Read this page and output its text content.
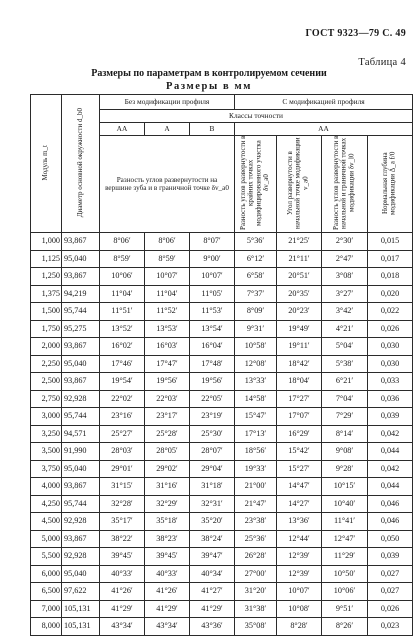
ГОСТ 9323—79 С. 49
Таблица 4
Размеры по параметрам в контролируемом сечении
Размеры в мм
Модуль m_t	Диаметр основной окружности d_b0	Без модификации профиля			С модификацией профиля			
		Классы точности						
		АА	А	В	АА			

		Разность углов развернутости на вершине зуба и в граничной точке δv_a0			Разность углов развернутости в крайних точках модифицированного участка δv_a0	Угол развернутости в начальной точке модификации v_a0	Разность углов развернутости в начальной и граничной точках модификации δv_l0	Нормальная глубина модификации Δ_a f/0
1,000	93,867	8°06′	8°06′	8°07′	5°36′	21°25′	2°30′	0,015
1,125	95,040	8°59′	8°59′	9°00′	6°12′	21°11′	2°47′	0,017
1,250	93,867	10°06′	10°07′	10°07′	6°58′	20°51′	3°08′	0,018
1,375	94,219	11°04′	11°04′	11°05′	7°37′	20°35′	3°27′	0,020
1,500	95,744	11°51′	11°52′	11°53′	8°09′	20°23′	3°42′	0,022
1,750	95,275	13°52′	13°53′	13°54′	9°31′	19°49′	4°21′	0,026
2,000	93,867	16°02′	16°03′	16°04′	10°58′	19°11′	5°04′	0,030
2,250	95,040	17°46′	17°47′	17°48′	12°08′	18°42′	5°38′	0,030
2,500	93,867	19°54′	19°56′	19°56′	13°33′	18°04′	6°21′	0,033
2,750	92,928	22°02′	22°03′	22°05′	14°58′	17°27′	7°04′	0,036
3,000	95,744	23°16′	23°17′	23°19′	15°47′	17°07′	7°29′	0,039
3,250	94,571	25°27′	25°28′	25°30′	17°13′	16°29′	8°14′	0,042
3,500	91,990	28°03′	28°05′	28°07′	18°56′	15°42′	9°08′	0,044
3,750	95,040	29°01′	29°02′	29°04′	19°33′	15°27′	9°28′	0,042
4,000	93,867	31°15′	31°16′	31°18′	21°00′	14°47′	10°15′	0,044
4,250	95,744	32°28′	32°29′	32°31′	21°47′	14°27′	10°40′	0,046
4,500	92,928	35°17′	35°18′	35°20′	23°38′	13°36′	11°41′	0,046
5,000	93,867	38°22′	38°23′	38°24′	25°36′	12°44′	12°47′	0,050
5,500	92,928	39°45′	39°45′	39°47′	26°28′	12°39′	11°29′	0,039
6,000	95,040	40°33′	40°33′	40°34′	27°00′	12°39′	10°50′	0,027
6,500	97,622	41°26′	41°26′	41°27′	31°20′	10°07′	10°06′	0,027
7,000	105,131	41°29′	41°29′	41°29′	31°38′	10°08′	9°51′	0,026
8,000	105,131	43°34′	43°34′	43°36′	35°08′	8°28′	8°26′	0,023
